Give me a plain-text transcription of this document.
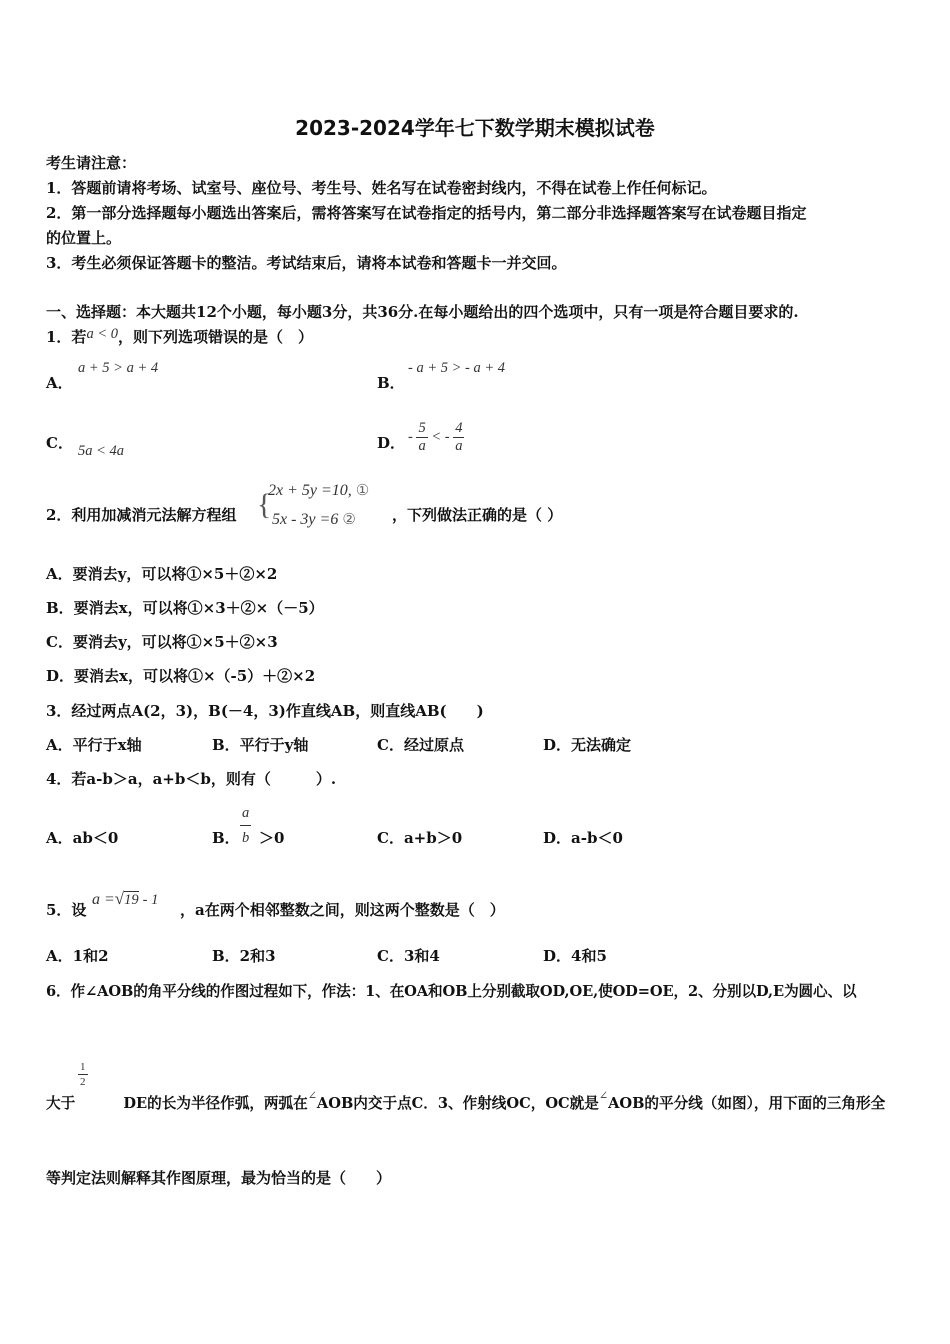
2023-2024学年七下数学期末模拟试卷
考生请注意：
1．答题前请将考场、试室号、座位号、考生号、姓名写在试卷密封线内，不得在试卷上作任何标记。
2．第一部分选择题每小题选出答案后，需将答案写在试卷指定的括号内，第二部分非选择题答案写在试卷题目指定
的位置上。
3．考生必须保证答题卡的整洁。考试结束后，请将本试卷和答题卡一并交回。
一、选择题：本大题共12个小题，每小题3分，共36分.在每小题给出的四个选项中，只有一项是符合题目要求的.
1．若a < 0，则下列选项错误的是（　）
A．
a + 5 > a + 4
B．
- a + 5 > - a + 4
C． 5a < 4a	D． - $\frac{5}{a}$ < - $\frac{4}{a}$
2．利用加减消元法解方程组 {
2x + 5y =10, ①
5x - 3y =6 ② ，下列做法正确的是（ ）
A．要消去y，可以将①×5＋②×2
B．要消去x，可以将①×3＋②×（－5）
C．要消去y，可以将①×5＋②×3
D．要消去x，可以将①×（-5）＋②×2
3．经过两点A(2，3)，B(－4，3)作直线AB，则直线AB(　　)
A．平行于x轴	B．平行于y轴	C．经过原点	D．无法确定
4．若a-b＞a，a+b＜b，则有（　　　）.
A．ab＜0	B． $\frac{a}{b} >0$	C．a+b＞0	D．a-b＜0
5．设
a =√19 - 1
，a在两个相邻整数之间，则这两个整数是（　）
A．1和2	B．2和3	C．3和4	D．4和5
6．作∠AOB的角平分线的作图过程如下，作法：1、在OA和OB上分别截取OD,OE,使OD=OE，2、分别以D,E为圆心、以
$\frac{1}{2}$
大于	DE的长为半径作弧，两弧在∠AOB内交于点C．3、作射线OC，OC就是∠AOB的平分线（如图），用下面的三角形全
等判定法则解释其作图原理，最为恰当的是（　　）
